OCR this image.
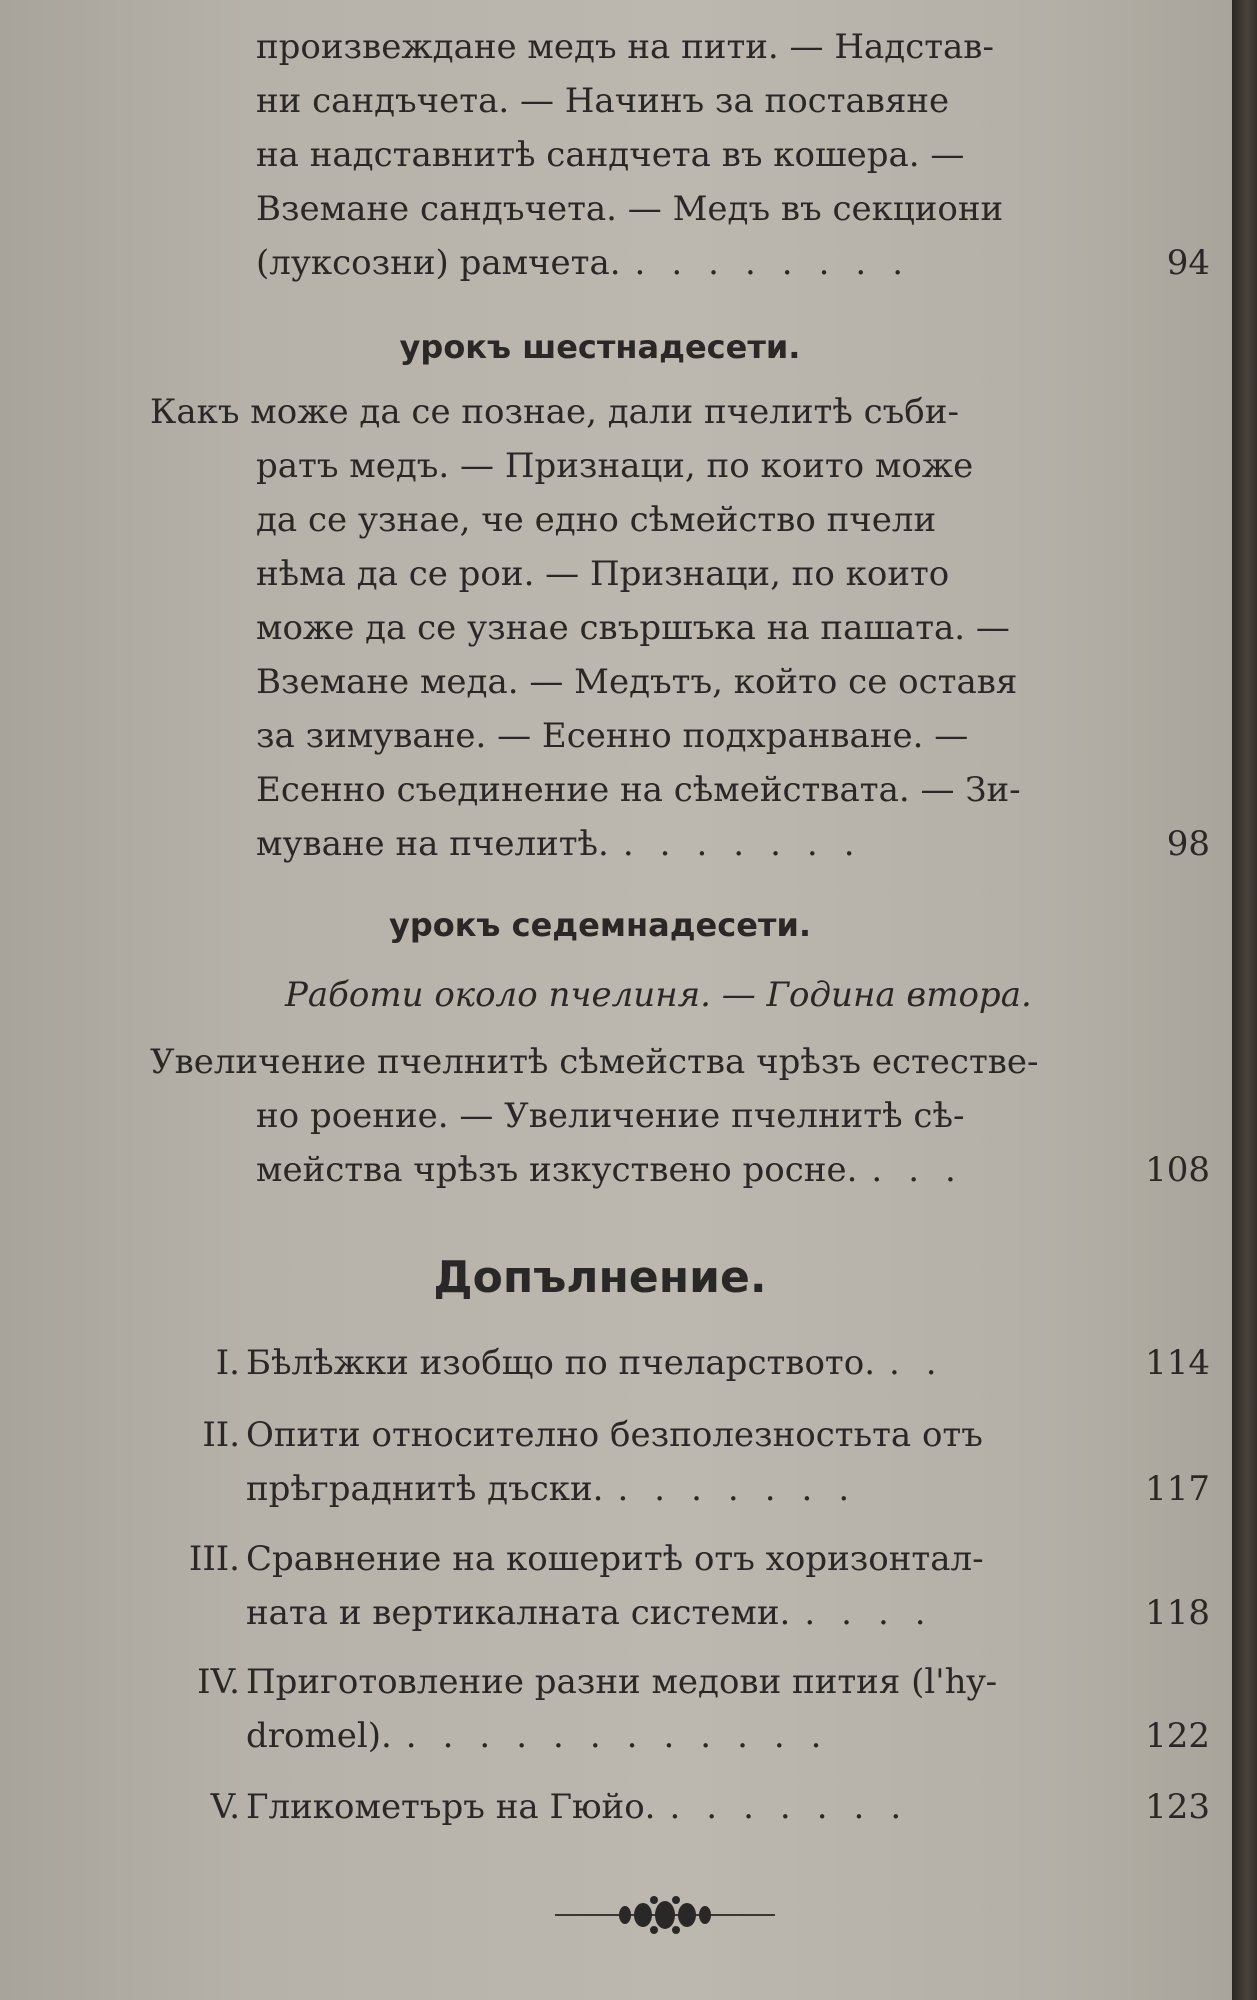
произвеждане медъ на пити. — Надстав-
ни сандъчета. — Начинъ за поставяне
на надставнитѣ сандчета въ кошера. —
Вземане сандъчета. — Медъ въ секциони
(луксозни) рамчета. ........	94
урокъ шестнадесети.
Какъ може да се познае, дали пчелитѣ съби-
ратъ медъ. — Признаци, по които може
да се узнае, че едно сѣмейство пчели
нѣма да се рои. — Признаци, по които
може да се узнае свършъка на пашата. —
Вземане меда. — Медътъ, който се оставя
за зимуване. — Есенно подхранване. —
Есенно съединение на сѣмействата. — Зи-
муване на пчелитѣ. .......	98
урокъ седемнадесети.
Работи около пчелиня. — Година втора.
Увеличение пчелнитѣ сѣмейства чрѣзъ естестве-
но роение. — Увеличение пчелнитѣ сѣ-
мейства чрѣзъ изкуствено росне. ...	108
Допълнение.
I. Бѣлѣжки изобщо по пчеларството. ..	114
II. Опити относително безполезностьта отъ
прѣграднитѣ дъски. .......	117
III. Сравнение на кошеритѣ отъ хоризонтал-
ната и вертикалната системи. ....	118
IV. Приготовление разни медови пития (l'hy-
dromel). ............	122
V. Гликометъръ на Гюйо. .......	123
